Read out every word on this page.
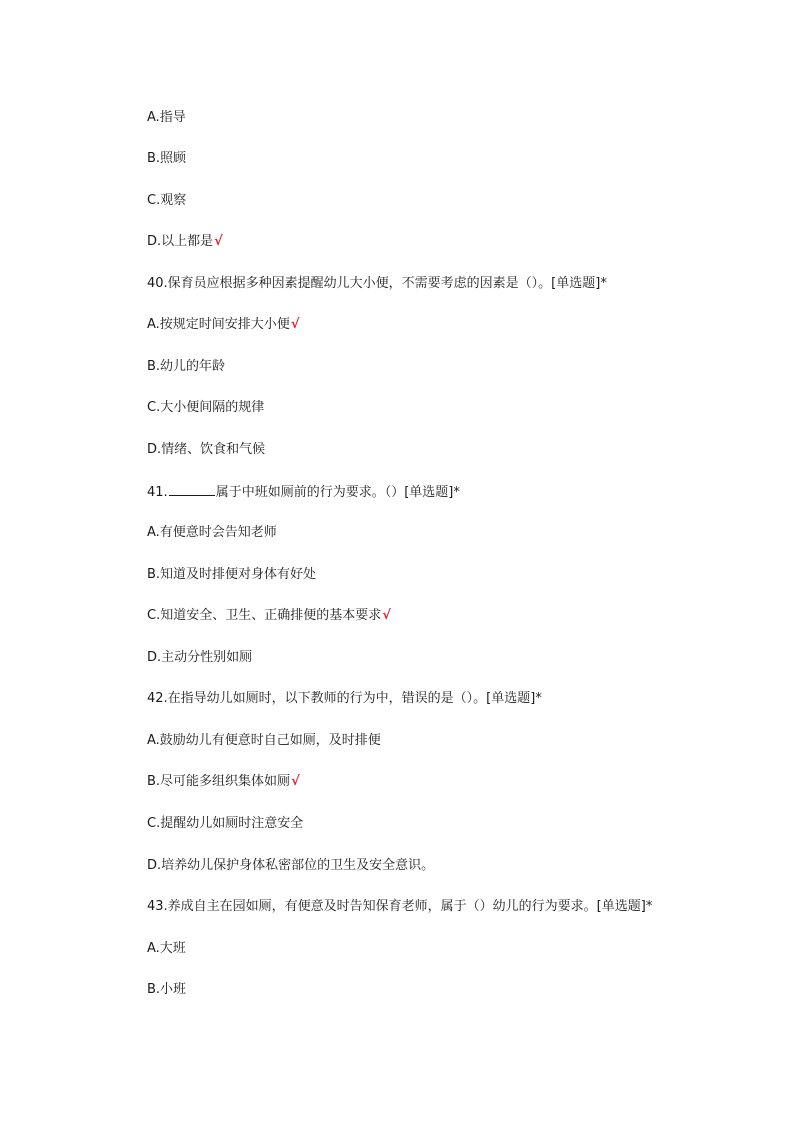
A.指导
B.照顾
C.观察
D.以上都是√
40.保育员应根据多种因素提醒幼儿大小便，不需要考虑的因素是（）。[单选题]*
A.按规定时间安排大小便√
B.幼儿的年龄
C.大小便间隔的规律
D.情绪、饮食和气候
41.	属于中班如厕前的行为要求。（）[单选题]*
A.有便意时会告知老师
B.知道及时排便对身体有好处
C.知道安全、卫生、正确排便的基本要求√
D.主动分性别如厕
42.在指导幼儿如厕时，以下教师的行为中，错误的是（）。[单选题]*
A.鼓励幼儿有便意时自己如厕，及时排便
B.尽可能多组织集体如厕√
C.提醒幼儿如厕时注意安全
D.培养幼儿保护身体私密部位的卫生及安全意识。
43.养成自主在园如厕，有便意及时告知保育老师，属于（）幼儿的行为要求。[单选题]*
A.大班
B.小班
